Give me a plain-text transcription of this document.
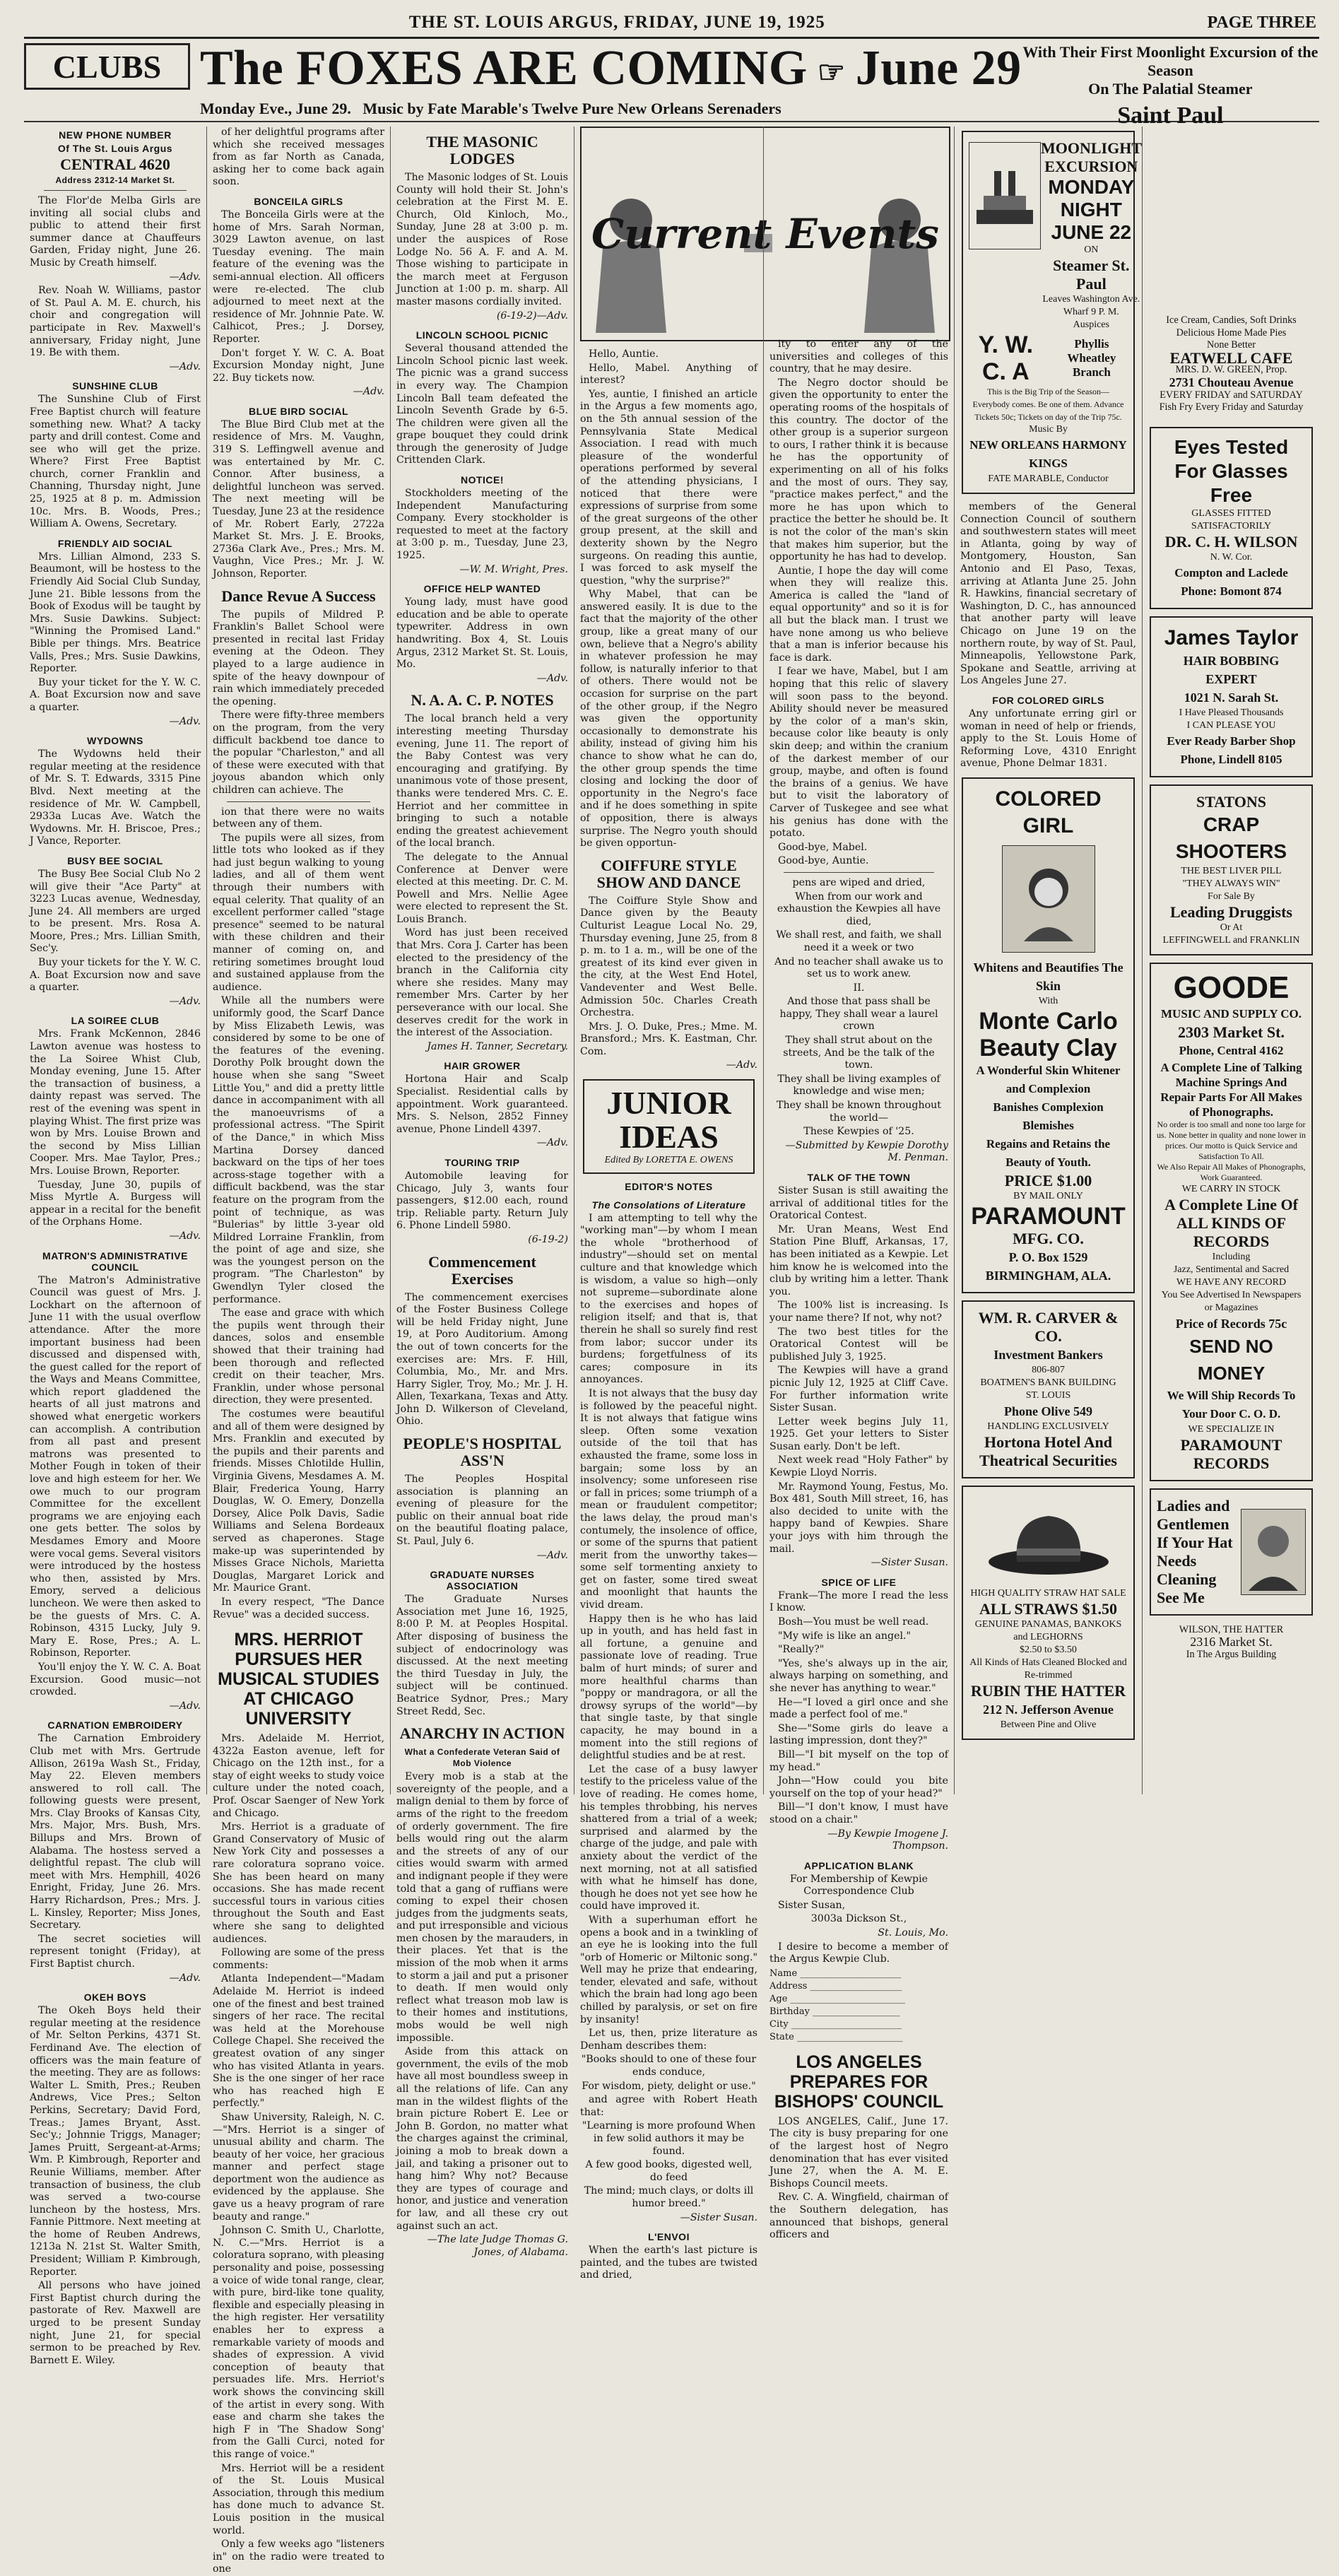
THE ST. LOUIS ARGUS, FRIDAY, JUNE 19, 1925	PAGE THREE
CLUBS The FOXES ARE COMING ☞ June 29
Monday Eve., June 29. Music by Fate Marable's Twelve Pure New Orleans Serenaders
With Their First Moonlight Excursion of the Season
On The Palatial Steamer
Saint Paul
NEW PHONE NUMBER
Of The St. Louis Argus
CENTRAL 4620
Address 2312-14 Market St.

The Flor'de Melba Girls are inviting all social clubs and public to attend their first summer dance at Chauffeurs Garden, Friday night, June 26. Music by Creath himself.

—Adv.

Rev. Noah W. Williams, pastor of St. Paul A. M. E. church, his choir and congregation will participate in Rev. Maxwell's anniversary, Friday night, June 19. Be with them.

—Adv.

SUNSHINE CLUB

The Sunshine Club of First Free Baptist church will feature something new. What? A tacky party and drill contest. Come and see who will get the prize. Where? First Free Baptist church, corner Franklin and Channing, Thursday night, June 25, 1925 at 8 p. m. Admission 10c. Mrs. B. Woods, Pres.; William A. Owens, Secretary.

FRIENDLY AID SOCIAL

Mrs. Lillian Almond, 233 S. Beaumont, will be hostess to the Friendly Aid Social Club Sunday, June 21. Bible lessons from the Book of Exodus will be taught by Mrs. Susie Dawkins. Subject: "Winning the Promised Land." Bible per things. Mrs. Beatrice Valls, Pres.; Mrs. Susie Dawkins, Reporter.

Buy your ticket for the Y. W. C. A. Boat Excursion now and save a quarter.

—Adv.

WYDOWNS

The Wydowns held their regular meeting at the residence of Mr. S. T. Edwards, 3315 Pine Blvd. Next meeting at the residence of Mr. W. Campbell, 2933a Lucas Ave. Watch the Wydowns. Mr. H. Briscoe, Pres.; J Vance, Reporter.

BUSY BEE SOCIAL

The Busy Bee Social Club No 2 will give their "Ace Party" at 3223 Lucas avenue, Wednesday, June 24. All members are urged to be present. Mrs. Rosa A. Moore, Pres.; Mrs. Lillian Smith, Sec'y.

Buy your tickets for the Y. W. C. A. Boat Excursion now and save a quarter.

—Adv.

LA SOIREE CLUB

Mrs. Frank McKennon, 2846 Lawton avenue was hostess to the La Soiree Whist Club, Monday evening, June 15. After the transaction of business, a dainty repast was served. The rest of the evening was spent in playing Whist. The first prize was won by Mrs. Louise Brown and the second by Miss Lillian Cooper. Mrs. Mae Taylor, Pres.; Mrs. Louise Brown, Reporter.

Tuesday, June 30, pupils of Miss Myrtle A. Burgess will appear in a recital for the benefit of the Orphans Home.

—Adv.

MATRON'S ADMINISTRATIVE COUNCIL

The Matron's Administrative Council was guest of Mrs. J. Lockhart on the afternoon of June 11 with the usual overflow attendance. After the more important business had been discussed and dispensed with, the guest called for the report of the Ways and Means Committee, which report gladdened the hearts of all just matrons and showed what energetic workers can accomplish. A contribution from all past and present matrons was presented to Mother Fough in token of their love and high esteem for her. We owe much to our program Committee for the excellent programs we are enjoying each one gets better. The solos by Mesdames Emory and Moore were vocal gems. Several visitors were introduced by the hostess who then, assisted by Mrs. Emory, served a delicious luncheon. We were then asked to be the guests of Mrs. C. A. Robinson, 4315 Lucky, July 9. Mary E. Rose, Pres.; A. L. Robinson, Reporter.

You'll enjoy the Y. W. C. A. Boat Excursion. Good music—not crowded.

—Adv.

CARNATION EMBROIDERY

The Carnation Embroidery Club met with Mrs. Gertrude Allison, 2619a Wash St., Friday, May 22. Eleven members answered to roll call. The following guests were present, Mrs. Clay Brooks of Kansas City, Mrs. Major, Mrs. Bush, Mrs. Billups and Mrs. Brown of Alabama. The hostess served a delightful repast. The club will meet with Mrs. Hemphill, 4026 Enright, Friday, June 26. Mrs. Harry Richardson, Pres.; Mrs. J. L. Kinsley, Reporter; Miss Jones, Secretary.

The secret societies will represent tonight (Friday), at First Baptist church.

—Adv.

OKEH BOYS

The Okeh Boys held their regular meeting at the residence of Mr. Selton Perkins, 4371 St. Ferdinand Ave. The election of officers was the main feature of the meeting. They are as follows: Walter L. Smith, Pres.; Reuben Andrews, Vice Pres.; Selton Perkins, Secretary; David Ford, Treas.; James Bryant, Asst. Sec'y.; Johnnie Triggs, Manager; James Pruitt, Sergeant-at-Arms; Wm. P. Kimbrough, Reporter and Reunie Williams, member. After transaction of business, the club was served a two-course luncheon by the hostess, Mrs. Fannie Pittmore. Next meeting at the home of Reuben Andrews, 1213a N. 21st St. Walter Smith, President; William P. Kimbrough, Reporter.

All persons who have joined First Baptist church during the pastorate of Rev. Maxwell are urged to be present Sunday night, June 21, for special sermon to be preached by Rev. Barnett E. Wiley.

of her delightful programs after which she received messages from as far North as Canada, asking her to come back again soon.

BONCEILA GIRLS

The Bonceila Girls were at the home of Mrs. Sarah Norman, 3029 Lawton avenue, on last Tuesday evening. The main feature of the evening was the semi-annual election. All officers were re-elected. The club adjourned to meet next at the residence of Mr. Johnnie Pate. W. Calhicot, Pres.; J. Dorsey, Reporter.

Don't forget Y. W. C. A. Boat Excursion Monday night, June 22. Buy tickets now.

—Adv.

BLUE BIRD SOCIAL

The Blue Bird Club met at the residence of Mrs. M. Vaughn, 319 S. Leffingwell avenue and was entertained by Mr. C. Connor. After business, a delightful luncheon was served. The next meeting will be Tuesday, June 23 at the residence of Mr. Robert Early, 2722a Market St. Mrs. J. E. Brooks, 2736a Clark Ave., Pres.; Mrs. M. Vaughn, Vice Pres.; Mr. J. W. Johnson, Reporter.

Dance Revue A Success

The pupils of Mildred P. Franklin's Ballet School were presented in recital last Friday evening at the Odeon. They played to a large audience in spite of the heavy downpour of rain which immediately preceded the opening.

There were fifty-three members on the program, from the very difficult backbend toe dance to the popular "Charleston," and all of these were executed with that joyous abandon which only children can achieve. The

ion that there were no waits between any of them.

The pupils were all sizes, from little tots who looked as if they had just begun walking to young ladies, and all of them went through their numbers with equal celerity. That quality of an excellent performer called "stage presence" seemed to be natural with these children and their manner of coming on, and retiring sometimes brought loud and sustained applause from the audience.

While all the numbers were uniformly good, the Scarf Dance by Miss Elizabeth Lewis, was considered by some to be one of the features of the evening. Dorothy Polk brought down the house when she sang "Sweet Little You," and did a pretty little dance in accompaniment with all the manoeuvrisms of a professional actress. "The Spirit of the Dance," in which Miss Martina Dorsey danced backward on the tips of her toes across-stage together with a difficult backbend, was the star feature on the program from the point of technique, as was "Bulerias" by little 3-year old Mildred Lorraine Franklin, from the point of age and size, she was the youngest person on the program. "The Charleston" by Gwendlyn Tyler closed the performance.

The ease and grace with which the pupils went through their dances, solos and ensemble showed that their training had been thorough and reflected credit on their teacher, Mrs. Franklin, under whose personal direction, they were presented.

The costumes were beautiful and all of them were designed by Mrs. Franklin and executed by the pupils and their parents and friends. Misses Chlotilde Hullin, Virginia Givens, Mesdames A. M. Blair, Frederica Young, Harry Douglas, W. O. Emery, Donzella Dorsey, Alice Polk Davis, Sadie Williams and Selena Bordeaux served as chaperones. Stage make-up was superintended by Misses Grace Nichols, Marietta Douglas, Margaret Lorick and Mr. Maurice Grant.

In every respect, "The Dance Revue" was a decided success.

MRS. HERRIOT PURSUES HER MUSICAL STUDIES AT CHICAGO UNIVERSITY

Mrs. Adelaide M. Herriot, 4322a Easton avenue, left for Chicago on the 12th inst., for a stay of eight weeks to study voice culture under the noted coach, Prof. Oscar Saenger of New York and Chicago.

Mrs. Herriot is a graduate of Grand Conservatory of Music of New York City and possesses a rare coloratura soprano voice. She has been heard on many occasions. She has made recent successful tours in various cities throughout the South and East where she sang to delighted audiences.

Following are some of the press comments:

Atlanta Independent—"Madam Adelaide M. Herriot is indeed one of the finest and best trained singers of her race. The recital was held at the Morehouse College Chapel. She received the greatest ovation of any singer who has visited Atlanta in years. She is the one singer of her race who has reached high E perfectly."

Shaw University, Raleigh, N. C.—"Mrs. Herriot is a singer of unusual ability and charm. The beauty of her voice, her gracious manner and perfect stage deportment won the audience as evidenced by the applause. She gave us a heavy program of rare beauty and range."

Johnson C. Smith U., Charlotte, N. C.—"Mrs. Herriot is a coloratura soprano, with pleasing personality and poise, possessing a voice of wide tonal range, clear, with pure, bird-like tone quality, flexible and especially pleasing in the high register. Her versatility enables her to express a remarkable variety of moods and shades of expression. A vivid conception of beauty that persuades life. Mrs. Herriot's work shows the convincing skill of the artist in every song. With ease and charm she takes the high F in 'The Shadow Song' from the Galli Curci, noted for this range of voice."

Mrs. Herriot will be a resident of the St. Louis Musical Association, through this medium has done much to advance St. Louis position in the musical world.

Only a few weeks ago "listeners in" on the radio were treated to one

THE MASONIC LODGES

The Masonic lodges of St. Louis County will hold their St. John's celebration at the First M. E. Church, Old Kinloch, Mo., Sunday, June 28 at 3:00 p. m. under the auspices of Rose Lodge No. 56 A. F. and A. M. Those wishing to participate in the march meet at Ferguson Junction at 1:00 p. m. sharp. All master masons cordially invited.

(6-19-2)—Adv.

LINCOLN SCHOOL PICNIC

Several thousand attended the Lincoln School picnic last week. The picnic was a grand success in every way. The Champion Lincoln Ball team defeated the Lincoln Seventh Grade by 6-5. The children were given all the grape bouquet they could drink through the generosity of Judge Crittenden Clark.

NOTICE!

Stockholders meeting of the Independent Manufacturing Company. Every stockholder is requested to meet at the factory at 3:00 p. m., Tuesday, June 23, 1925.

—W. M. Wright, Pres.

OFFICE HELP WANTED

Young lady, must have good education and be able to operate typewriter. Address in own handwriting. Box 4, St. Louis Argus, 2312 Market St. St. Louis, Mo.

—Adv.

N. A. A. C. P. NOTES

The local branch held a very interesting meeting Thursday evening, June 11. The report of the Baby Contest was very encouraging and gratifying. By unanimous vote of those present, thanks were tendered Mrs. C. E. Herriot and her committee in bringing to such a notable ending the greatest achievement of the local branch.

The delegate to the Annual Conference at Denver were elected at this meeting. Dr. C. M. Powell and Mrs. Nellie Agee were elected to represent the St. Louis Branch.

Word has just been received that Mrs. Cora J. Carter has been elected to the presidency of the branch in the California city where she resides. Many may remember Mrs. Carter by her perseverance with our local. She deserves credit for the work in the interest of the Association.

James H. Tanner, Secretary.

HAIR GROWER

Hortona Hair and Scalp Specialist. Residential calls by appointment. Work guaranteed. Mrs. S. Nelson, 2852 Finney avenue, Phone Lindell 4397.

—Adv.

TOURING TRIP

Automobile leaving for Chicago, July 3, wants four passengers, $12.00 each, round trip. Reliable party. Return July 6. Phone Lindell 5980.

(6-19-2)

Commencement Exercises

The commencement exercises of the Foster Business College will be held Friday night, June 19, at Poro Auditorium. Among the out of town concerts for the exercises are: Mrs. F. Hill, Columbia, Mo., Mr. and Mrs. Harry Sigler, Troy, Mo.; Mr. J. H. Allen, Texarkana, Texas and Atty. John D. Wilkerson of Cleveland, Ohio.

PEOPLE'S HOSPITAL ASS'N

The Peoples Hospital association is planning an evening of pleasure for the public on their annual boat ride on the beautiful floating palace, St. Paul, July 6.

—Adv.

GRADUATE NURSES ASSOCIATION

The Graduate Nurses Association met June 16, 1925, 8:00 P. M. at Peoples Hospital. After disposing of business the subject of endocrinology was discussed. At the next meeting the third Tuesday in July, the subject will be continued. Beatrice Sydnor, Pres.; Mary Street Redd, Sec.

ANARCHY IN ACTION
What a Confederate Veteran Said of Mob Violence

Every mob is a stab at the sovereignty of the people, and a malign denial to them by force of arms of the right to the freedom of orderly government. The fire bells would ring out the alarm and the streets of any of our cities would swarm with armed and indignant people if they were told that a gang of ruffians were coming to expel their chosen judges from the judgments seats, and put irresponsible and vicious men chosen by the marauders, in their places. Yet that is the mission of the mob when it arms to storm a jail and put a prisoner to death. If men would only reflect what treason mob law is to their homes and institutions, mobs would be well nigh impossible.

Aside from this attack on government, the evils of the mob have all most boundless sweep in all the relations of life. Can any man in the wildest flights of the brain picture Robert E. Lee or John B. Gordon, no matter what the charges against the criminal, joining a mob to break down a jail, and taking a prisoner out to hang him? Why not? Because they are types of courage and honor, and justice and veneration for law, and all these cry out against such an act.

—The late Judge Thomas G. Jones, of Alabama.

Current Events

Hello, Auntie.

Hello, Mabel. Anything of interest?

Yes, auntie, I finished an article in the Argus a few moments ago, on the 5th annual session of the Pennsylvania State Medical Association. I read with much pleasure of the wonderful operations performed by several of the attending physicians, I noticed that there were expressions of surprise from some of the great surgeons of the other group present, at the skill and dexterity shown by the Negro surgeons. On reading this auntie, I was forced to ask myself the question, "why the surprise?"

Why Mabel, that can be answered easily. It is due to the fact that the majority of the other group, like a great many of our own, believe that a Negro's ability in whatever profession he may follow, is naturally inferior to that of others. There would not be occasion for surprise on the part of the other group, if the Negro was given the opportunity occasionally to demonstrate his ability, instead of giving him his chance to show what he can do, the other group spends the time closing and locking the door of opportunity in the Negro's face and if he does something in spite of opposition, there is always surprise. The Negro youth should be given opportun-

COIFFURE STYLE SHOW AND DANCE

The Coiffure Style Show and Dance given by the Beauty Culturist League Local No. 29, Thursday evening, June 25, from 8 p. m. to 1 a. m., will be one of the greatest of its kind ever given in the city, at the West End Hotel, Vandeventer and West Belle. Admission 50c. Charles Creath Orchestra.

Mrs. J. O. Duke, Pres.; Mme. M. Bransford.; Mrs. K. Eastman, Chr. Com.

—Adv.

JUNIOR IDEAS
Edited By LORETTA E. OWENS
EDITOR'S NOTES
The Consolations of Literature

I am attempting to tell why the "working man"—by whom I mean the whole "brotherhood of industry"—should set on mental culture and that knowledge which is wisdom, a value so high—only not supreme—subordinate alone to the exercises and hopes of religion itself; and that is, that therein he shall so surely find rest from labor; succor under its burdens; forgetfulness of its cares; composure in its annoyances.

It is not always that the busy day is followed by the peaceful night. It is not always that fatigue wins sleep. Often some vexation outside of the toil that has exhausted the frame, some loss in bargain; some loss by an insolvency; some unforeseen rise or fall in prices; some triumph of a mean or fraudulent competitor; the laws delay, the proud man's contumely, the insolence of office, or some of the spurns that patient merit from the unworthy takes—some self tormenting anxiety to get on faster, some tired sweat and moonlight that haunts the vivid dream.

Happy then is he who has laid up in youth, and has held fast in all fortune, a genuine and passionate love of reading. True balm of hurt minds; of surer and more healthful charms than "poppy or mandragora, or all the drowsy syrups of the world"—by that single taste, by that single capacity, he may bound in a moment into the still regions of delightful studies and be at rest.

Let the case of a busy lawyer testify to the priceless value of the love of reading. He comes home, his temples throbbing, his nerves shattered from a trial of a week; surprised and alarmed by the charge of the judge, and pale with anxiety about the verdict of the next morning, not at all satisfied with what he himself has done, though he does not yet see how he could have improved it.

With a superhuman effort he opens a book and in a twinkling of an eye he is looking into the full "orb of Homeric or Miltonic song." Well may he prize that endearing, tender, elevated and safe, without which the brain had long ago been chilled by paralysis, or set on fire by insanity!

Let us, then, prize literature as Denham describes them:

"Books should to one of these four ends conduce,

For wisdom, piety, delight or use."

and agree with Robert Heath that:

"Learning is more profound When in few solid authors it may be found.

A few good books, digested well, do feed

The mind; much clays, or dolts ill humor breed."

—Sister Susan.

L'ENVOI

When the earth's last picture is painted, and the tubes are twisted and dried,

ity to enter any of the universities and colleges of this country, that he may desire.

The Negro doctor should be given the opportunity to enter the operating rooms of the hospitals of this country. The doctor of the other group is a superior surgeon to ours, I rather think it is because he has the opportunity of experimenting on all of his folks and the most of ours. They say, "practice makes perfect," and the more he has upon which to practice the better he should be. It is not the color of the man's skin that makes him superior, but the opportunity he has had to develop.

Auntie, I hope the day will come when they will realize this. America is called the "land of equal opportunity" and so it is for all but the black man. I trust we have none among us who believe that a man is inferior because his face is dark.

I fear we have, Mabel, but I am hoping that this relic of slavery will soon pass to the beyond. Ability should never be measured by the color of a man's skin, because color like beauty is only skin deep; and within the cranium of the darkest member of our group, maybe, and often is found the brains of a genius. We have but to visit the laboratory of Carver of Tuskegee and see what his genius has done with the potato.

Good-bye, Mabel.

Good-bye, Auntie.

pens are wiped and dried,

When from our work and exhaustion the Kewpies all have died,

We shall rest, and faith, we shall need it a week or two

And no teacher shall awake us to set us to work anew.

II.

And those that pass shall be happy, They shall wear a laurel crown

They shall strut about on the streets, And be the talk of the town.

They shall be living examples of knowledge and wise men;

They shall be known throughout the world—

These Kewpies of '25.

—Submitted by Kewpie Dorothy M. Penman.

TALK OF THE TOWN

Sister Susan is still awaiting the arrival of additional titles for the Oratorical Contest.

Mr. Uran Means, West End Station Pine Bluff, Arkansas, 17, has been initiated as a Kewpie. Let him know he is welcomed into the club by writing him a letter. Thank you.

The 100% list is increasing. Is your name there? If not, why not?

The two best titles for the Oratorical Contest will be published July 3, 1925.

The Kewpies will have a grand picnic July 12, 1925 at Cliff Cave. For further information write Sister Susan.

Letter week begins July 11, 1925. Get your letters to Sister Susan early. Don't be left.

Next week read "Holy Father" by Kewpie Lloyd Norris.

Mr. Raymond Young, Festus, Mo. Box 481, South Mill street, 16, has also decided to unite with the happy band of Kewpies. Share your joys with him through the mail.

—Sister Susan.

SPICE OF LIFE

Frank—The more I read the less I know.

Bosh—You must be well read.

"My wife is like an angel."

"Really?"

"Yes, she's always up in the air, always harping on something, and she never has anything to wear."

He—"I loved a girl once and she made a perfect fool of me."

She—"Some girls do leave a lasting impression, dont they?"

Bill—"I bit myself on the top of my head."

John—"How could you bite yourself on the top of your head?"

Bill—"I don't know, I must have stood on a chair."

—By Kewpie Imogene J. Thompson.

APPLICATION BLANK

For Membership of Kewpie Correspondence Club

Sister Susan,

3003a Dickson St.,

St. Louis, Mo.

I desire to become a member of the Argus Kewpie Club.

Name ______________________
Address ____________________
Age _________________________
Birthday ___________________
City ________________________
State _______________________
LOS ANGELES PREPARES FOR BISHOPS' COUNCIL

LOS ANGELES, Calif., June 17. The city is busy preparing for one of the largest host of Negro denomination that has ever visited June 27, when the A. M. E. Bishops Council meets.

Rev. C. A. Wingfield, chairman of the Southern delegation, has announced that bishops, general officers and

MOONLIGHT EXCURSION
MONDAY NIGHT
JUNE 22
ON
Steamer St. Paul
Leaves Washington Ave. Wharf 9 P. M.
Auspices
Y. W. C. A
Phyllis Wheatley Branch
This is the Big Trip of the Season—Everybody comes. Be one of them. Advance Tickets 50c; Tickets on day of the Trip 75c.
Music By
NEW ORLEANS HARMONY KINGS
FATE MARABLE, Conductor

members of the General Connection Council of southern and southwestern states will meet in Atlanta, going by way of Montgomery, Houston, San Antonio and El Paso, Texas, arriving at Atlanta June 25. John R. Hawkins, financial secretary of Washington, D. C., has announced that another party will leave Chicago on June 19 on the northern route, by way of St. Paul, Minneapolis, Yellowstone Park, Spokane and Seattle, arriving at Los Angeles June 27.

FOR COLORED GIRLS

Any unfortunate erring girl or woman in need of help or friends, apply to the St. Louis Home of Reforming Love, 4310 Enright avenue, Phone Delmar 1831.

COLORED GIRL
Whitens and Beautifies The Skin
With
Monte Carlo Beauty Clay
A Wonderful Skin Whitener and Complexion
Banishes Complexion Blemishes
Regains and Retains the Beauty of Youth.
PRICE $1.00
BY MAIL ONLY
PARAMOUNT
MFG. CO.
P. O. Box 1529
BIRMINGHAM, ALA.
WM. R. CARVER & CO.
Investment Bankers
806-807
BOATMEN'S BANK BUILDING
ST. LOUIS
Phone Olive 549
HANDLING EXCLUSIVELY
Hortona Hotel And Theatrical Securities
HIGH QUALITY STRAW HAT SALE
ALL STRAWS $1.50
GENUINE PANAMAS, BANKOKS and LEGHORNS
$2.50 to $3.50
All Kinds of Hats Cleaned Blocked and Re-trimmed
RUBIN THE HATTER
212 N. Jefferson Avenue
Between Pine and Olive
Ice Cream, Candies, Soft Drinks
Delicious Home Made Pies
None Better
EATWELL CAFE
MRS. D. W. GREEN, Prop.
2731 Chouteau Avenue
EVERY FRIDAY and SATURDAY
Fish Fry Every Friday and Saturday
Eyes Tested For Glasses Free
GLASSES FITTED SATISFACTORILY
DR. C. H. WILSON
N. W. Cor.
Compton and Laclede
Phone: Bomont 874
James Taylor
HAIR BOBBING EXPERT
1021 N. Sarah St.
I Have Pleased Thousands
I CAN PLEASE YOU
Ever Ready Barber Shop
Phone, Lindell 8105
STATONS
CRAP SHOOTERS
THE BEST LIVER PILL
"THEY ALWAYS WIN"
For Sale By
Leading Druggists
Or At
LEFFINGWELL and FRANKLIN
GOODE
MUSIC AND SUPPLY CO.
2303 Market St.
Phone, Central 4162
A Complete Line of Talking Machine Springs And Repair Parts For All Makes of Phonographs.
No order is too small and none too large for us. None better in quality and none lower in prices. Our motto is Quick Service and Satisfaction To All.
We Also Repair All Makes of Phonographs, Work Guaranteed.
WE CARRY IN STOCK
A Complete Line Of ALL KINDS OF RECORDS
Including
Jazz, Sentimental and Sacred
WE HAVE ANY RECORD
You See Advertised In Newspapers or Magazines
Price of Records 75c
SEND NO MONEY
We Will Ship Records To Your Door C. O. D.
WE SPECIALIZE IN
PARAMOUNT RECORDS
Ladies and Gentlemen
If Your Hat Needs Cleaning
See Me
WILSON, THE HATTER
2316 Market St.
In The Argus Building
